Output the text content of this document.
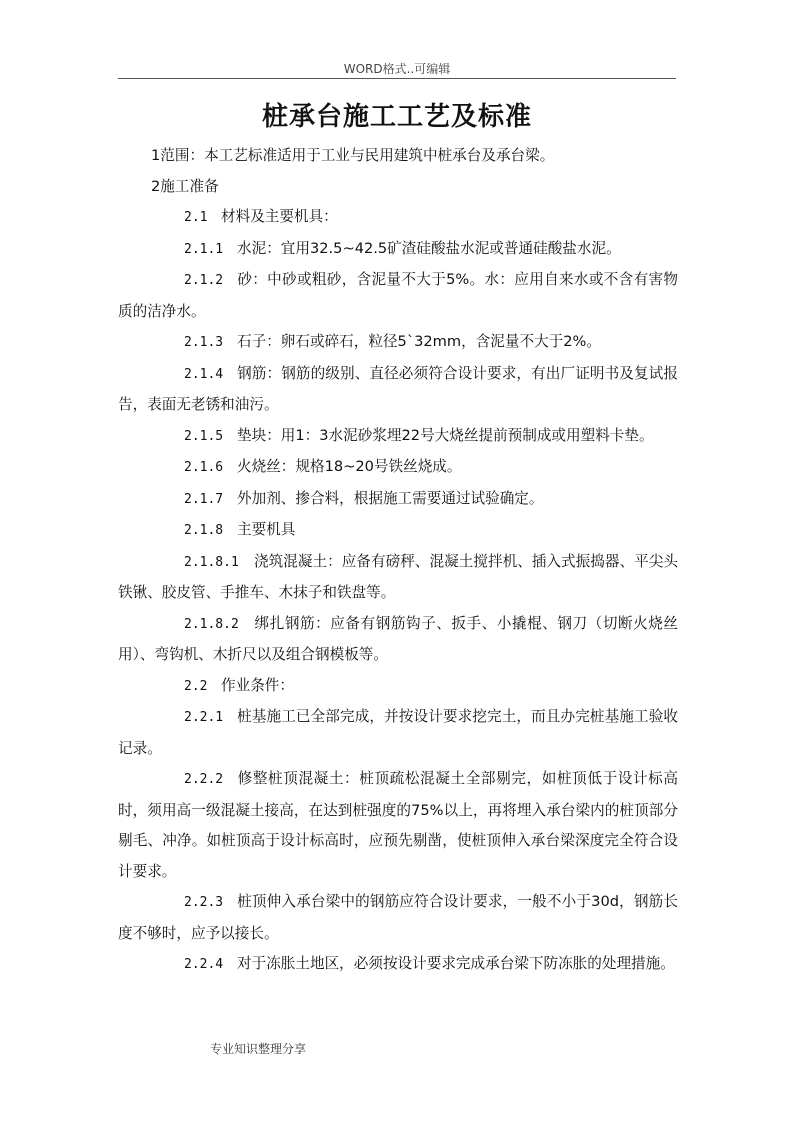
WORD格式..可编辑
桩承台施工工艺及标准

1范围：本工艺标准适用于工业与民用建筑中桩承台及承台梁。

2施工准备

2.1 材料及主要机具：

2.1.1 水泥：宜用32.5~42.5矿渣硅酸盐水泥或普通硅酸盐水泥。

2.1.2 砂：中砂或粗砂，含泥量不大于5%。水：应用自来水或不含有害物质的洁净水。

2.1.3 石子：卵石或碎石，粒径5`32mm，含泥量不大于2%。

2.1.4 钢筋：钢筋的级别、直径必须符合设计要求，有出厂证明书及复试报告，表面无老锈和油污。

2.1.5 垫块：用1：3水泥砂浆埋22号大烧丝提前预制成或用塑料卡垫。

2.1.6 火烧丝：规格18~20号铁丝烧成。

2.1.7 外加剂、掺合料，根据施工需要通过试验确定。

2.1.8 主要机具

2.1.8.1 浇筑混凝土：应备有磅秤、混凝土搅拌机、插入式振捣器、平尖头铁锹、胶皮管、手推车、木抹子和铁盘等。

2.1.8.2 绑扎钢筋：应备有钢筋钩子、扳手、小撬棍、钢刀（切断火烧丝用）、弯钩机、木折尺以及组合钢模板等。

2.2 作业条件：

2.2.1 桩基施工已全部完成，并按设计要求挖完土，而且办完桩基施工验收记录。

2.2.2 修整桩顶混凝土：桩顶疏松混凝土全部剔完，如桩顶低于设计标高时，须用高一级混凝土接高，在达到桩强度的75%以上，再将埋入承台梁内的桩顶部分剔毛、冲净。如桩顶高于设计标高时，应预先剔凿，使桩顶伸入承台梁深度完全符合设计要求。

2.2.3 桩顶伸入承台梁中的钢筋应符合设计要求，一般不小于30d，钢筋长度不够时，应予以接长。

2.2.4 对于冻胀土地区，必须按设计要求完成承台梁下防冻胀的处理措施。

专业知识整理分享
